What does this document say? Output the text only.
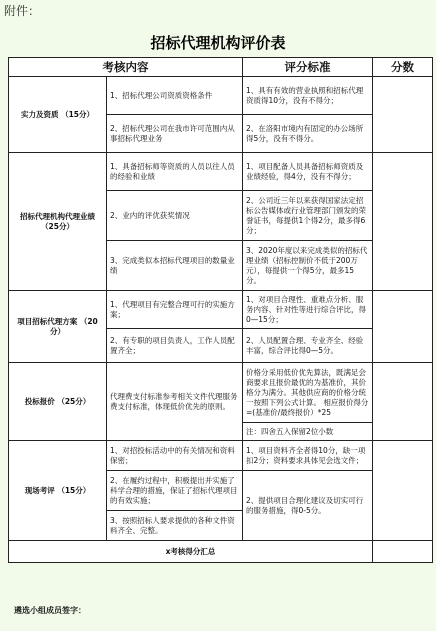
附件：
招标代理机构评价表
考核内容		评分标准	分数
实力及资质 （15分）	1、招标代理公司资质资格条件	1、具有有效的营业执照和招标代理资质得10分，没有不得分；	
	2、招标代理公司在我市许可范围内从事招标代理业务	2、在洛阳市境内有固定的办公场所得5分，没有不得分。	
招标代理机构代理业绩 （25分）	1、具备招标师等资质的人员以往人员的经验和业绩	1、项目配备人员具备招标师资质及业绩经验，得4分，没有不得分；	
	2、业内的评优获奖情况	2、公司近三年以来获得国家法定招标公告媒体或行业管理部门颁发的荣誉证书，每提供1个得2分，最多得6分；	
	3、完成类似本招标代理项目的数量业绩	3、2020年度以来完成类似的招标代理业绩（招标控制价不低于200万元），每提供一个得5分，最多15分。	
项目招标代理方案 （20分）	1、代理项目有完整合理可行的实施方案；	1、对项目合理性、重难点分析、服务内容、针对性等进行综合评比，得0—15分；	
	2、有专职的项目负责人，工作人员配置齐全；	2、人员配置合理、专业齐全、经验丰富，综合评比得0—5分。	
投标报价 （25分）	代理费支付标准参考相关文件代理服务费支付标准，体现低价优先的原则。	价格分采用低价优先算法，既满足会商要求且报价最优的为基准价，其价格分为满分。其他供应商的价格分统一按照下列公式计算。 相应报价得分=(基准价/最终报价）*25	
		注：四舍五入保留2位小数	
现场考评 （15分）	1、对招投标活动中的有关情况和资料保密；	1、项目资料齐全者得10分，缺一项扣2分；资料要求具体见会选文件；	
	2、在履约过程中，积极提出并实施了科学合理的措施，保证了招标代理项目的有效实施；	2、提供项目合理化建议及切实可行的服务措施，得0-5分。	
	3、按照招标人要求提供的各种文件资料齐全、完整。		
x考核得分汇总			
遴选小组成员签字：
